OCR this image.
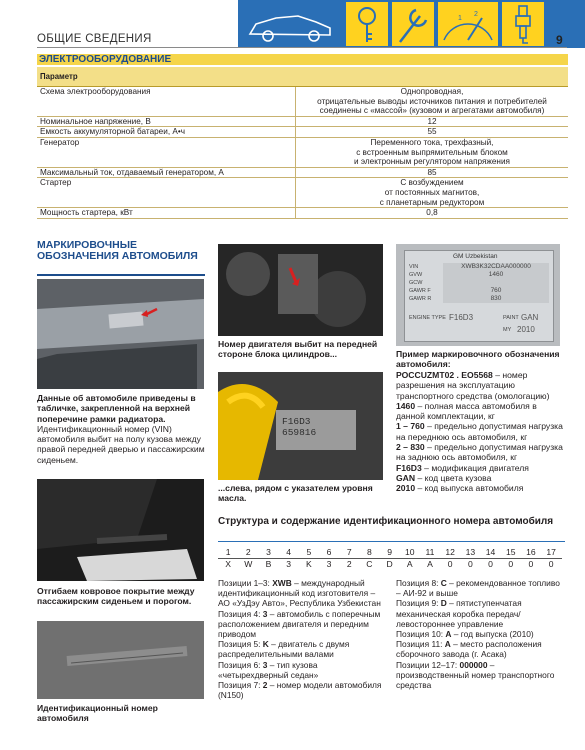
1
2
ОБЩИЕ СВЕДЕНИЯ	9
ЭЛЕКТРООБОРУДОВАНИЕ
Параметр
Схема электрооборудования	Однопроводная,
отрицательные выводы источников питания и потребителей
соединены с «массой» (кузовом и агрегатами автомобиля)
Номинальное напряжение, В	12
Емкость аккумуляторной батареи, А•ч	55
Генератор	Переменного тока, трехфазный,
с встроенным выпрямительным блоком
и электронным регулятором напряжения
Максимальный ток, отдаваемый генератором, А	85
Стартер	С возбуждением
от постоянных магнитов,
с планетарным редуктором
Мощность стартера, кВт	0,8
МАРКИРОВОЧНЫЕ ОБОЗНАЧЕНИЯ АВТОМОБИЛЯ
Данные об автомобиле приведены в табличке, закрепленной на верхней поперечине рамки радиатора. Идентификационный номер (VIN) автомобиля выбит на полу кузова между правой передней дверью и пассажирским сиденьем.
Отгибаем ковровое покрытие между пассажирским сиденьем и порогом.
Идентификационный номер автомобиля
Номер двигателя выбит на передней стороне блока цилиндров...
F16D3
659816
...слева, рядом с указателем уровня масла.
GM Uzbekistan
VIN	XWB3K32CDAA000000
GVW	1460
GCW
GAWR F	760
GAWR R	830
ENGINE TYPE F16D3	PAINT GAN
MY 2010
Пример маркировочного обозначения автомобиля:
РОССUZMT02 . ЕО5568 – номер разрешения на эксплуатацию транспортного средства (омологацию)
1460 – полная масса автомобиля в данной комплектации, кг
1 – 760 – предельно допустимая нагрузка на переднюю ось автомобиля, кг
2 – 830 – предельно допустимая нагрузка на заднюю ось автомобиля, кг
F16D3 – модификация двигателя
GAN – код цвета кузова
2010 – код выпуска автомобиля
Структура и содержание идентификационного номера автомобиля
1	2	3	4	5	6	7	8	9	10	11	12	13	14	15	16	17
X	W	B	3	K	3	2	C	D	A	A	0	0	0	0	0	0

Позиции 1–3: XWB – международный идентификационный код изготовителя – АО «УзДэу Авто», Республика Узбекистан

Позиция 4: 3 – автомобиль с поперечным расположением двигателя и передним приводом

Позиция 5: K – двигатель с двумя распределительными валами

Позиция 6: 3 – тип кузова «четырехдверный седан»

Позиция 7: 2 – номер модели автомобиля (N150)

Позиция 8: C – рекомендованное топливо – АИ-92 и выше

Позиция 9: D – пятиступенчатая механическая коробка передач/левостороннее управление

Позиция 10: A – год выпуска (2010)

Позиция 11: A – место расположения сборочного завода (г. Асака)

Позиции 12–17: 000000 – производственный номер транспортного средства
